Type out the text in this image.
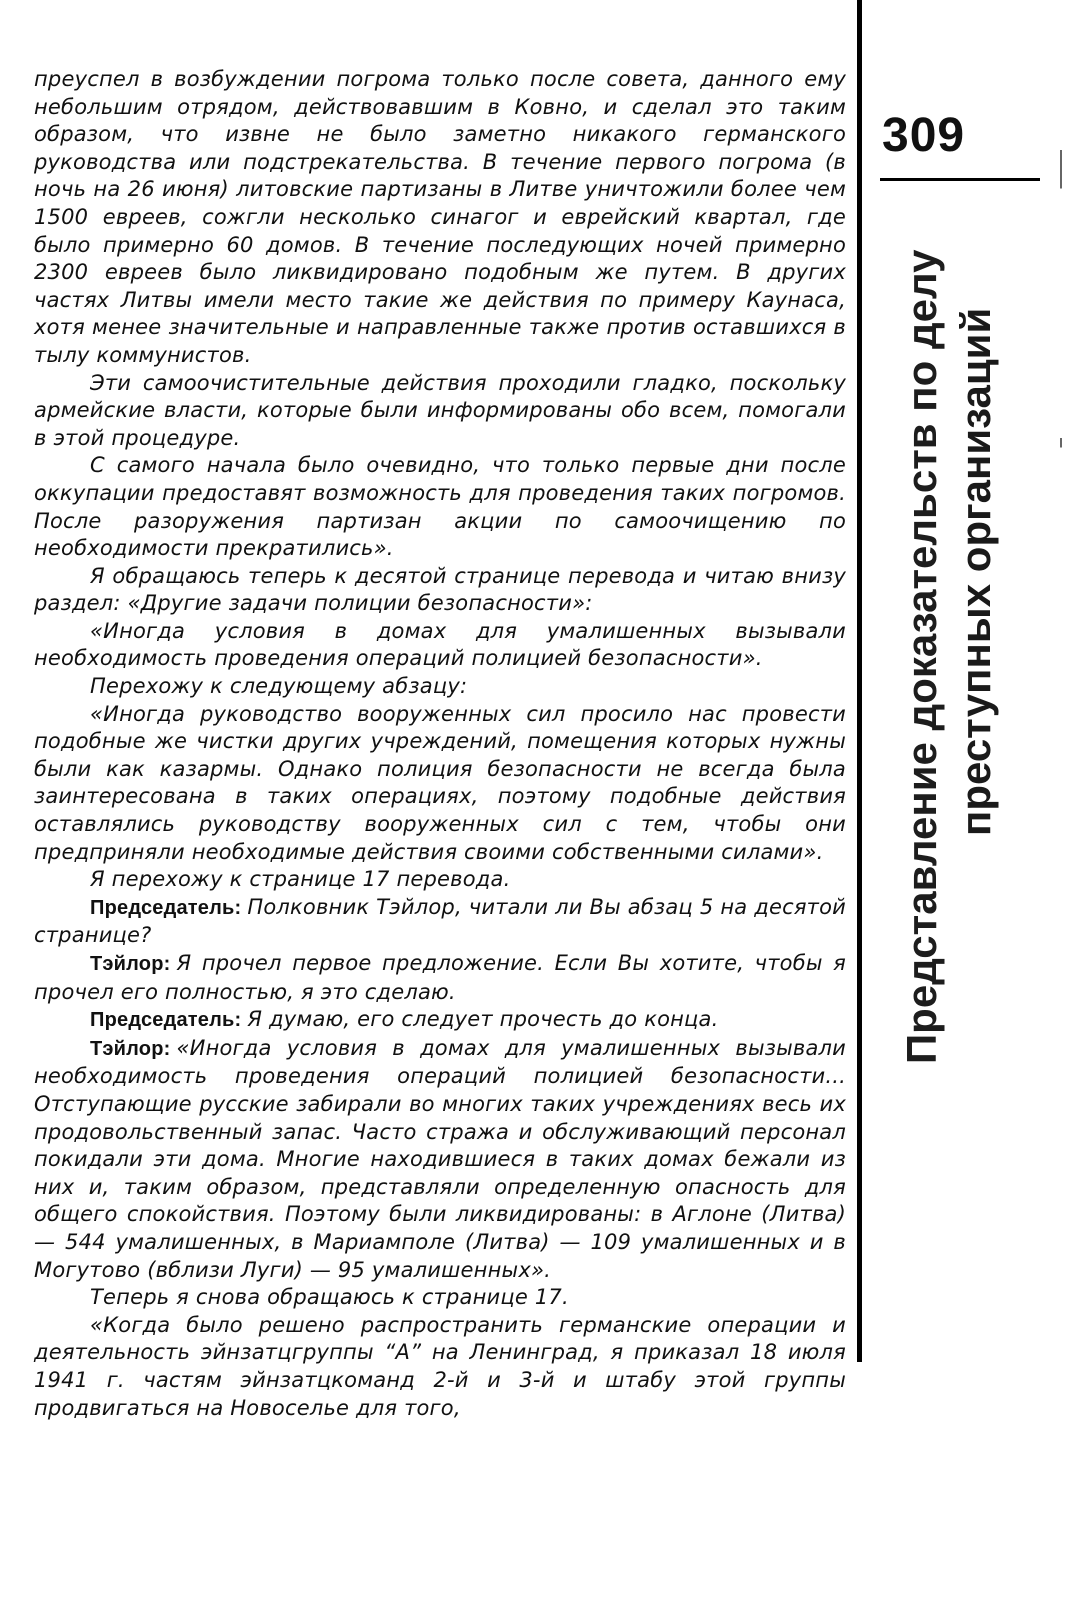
преуспел в возбуждении погрома только после совета, данного ему небольшим отрядом, действовавшим в Ковно, и сделал это таким образом, что извне не было заметно никакого германского руководства или подстрекательства. В течение первого погрома (в ночь на 26 июня) литовские партизаны в Литве уничтожили более чем 1500 евреев, сожгли несколько синагог и еврейский квартал, где было примерно 60 домов. В течение последующих ночей примерно 2300 евреев было ликвидировано подобным же путем. В других частях Литвы имели место такие же действия по примеру Каунаса, хотя менее значительные и направленные также против оставшихся в тылу коммунистов.

Эти самоочистительные действия проходили гладко, поскольку армейские власти, которые были информированы обо всем, помогали в этой процедуре.

С самого начала было очевидно, что только первые дни после оккупации предоставят возможность для проведения таких погромов. После разоружения партизан акции по самоочищению по необходимости прекратились».

Я обращаюсь теперь к десятой странице перевода и читаю внизу раздел: «Другие задачи полиции безопасности»:

«Иногда условия в домах для умалишенных вызывали необходимость проведения операций полицией безопасности».

Перехожу к следующему абзацу:

«Иногда руководство вооруженных сил просило нас провести подобные же чистки других учреждений, помещения которых нужны были как казармы. Однако полиция безопасности не всегда была заинтересована в таких операциях, поэтому подобные действия оставлялись руководству вооруженных сил с тем, чтобы они предприняли необходимые действия своими собственными силами».

Я перехожу к странице 17 перевода.

Председатель: Полковник Тэйлор, читали ли Вы абзац 5 на десятой странице?

Тэйлор: Я прочел первое предложение. Если Вы хотите, чтобы я прочел его полностью, я это сделаю.

Председатель: Я думаю, его следует прочесть до конца.

Тэйлор: «Иногда условия в домах для умалишенных вызывали необходимость проведения операций полицией безопасности... Отступающие русские забирали во многих таких учреждениях весь их продовольственный запас. Часто стража и обслуживающий персонал покидали эти дома. Многие находившиеся в таких домах бежали из них и, таким образом, представляли определенную опасность для общего спокойствия. Поэтому были ликвидированы: в Аглоне (Литва) — 544 умалишенных, в Мариамполе (Литва) — 109 умалишенных и в Могутово (вблизи Луги) — 95 умалишенных».

Теперь я снова обращаюсь к странице 17.

«Когда было решено распространить германские операции и деятельность эйнзатцгруппы “А” на Ленинград, я приказал 18 июля 1941 г. частям эйнзатцкоманд 2-й и 3-й и штабу этой группы продвигаться на Новоселье для того,

309
Представление доказательств по делу преступных организаций
